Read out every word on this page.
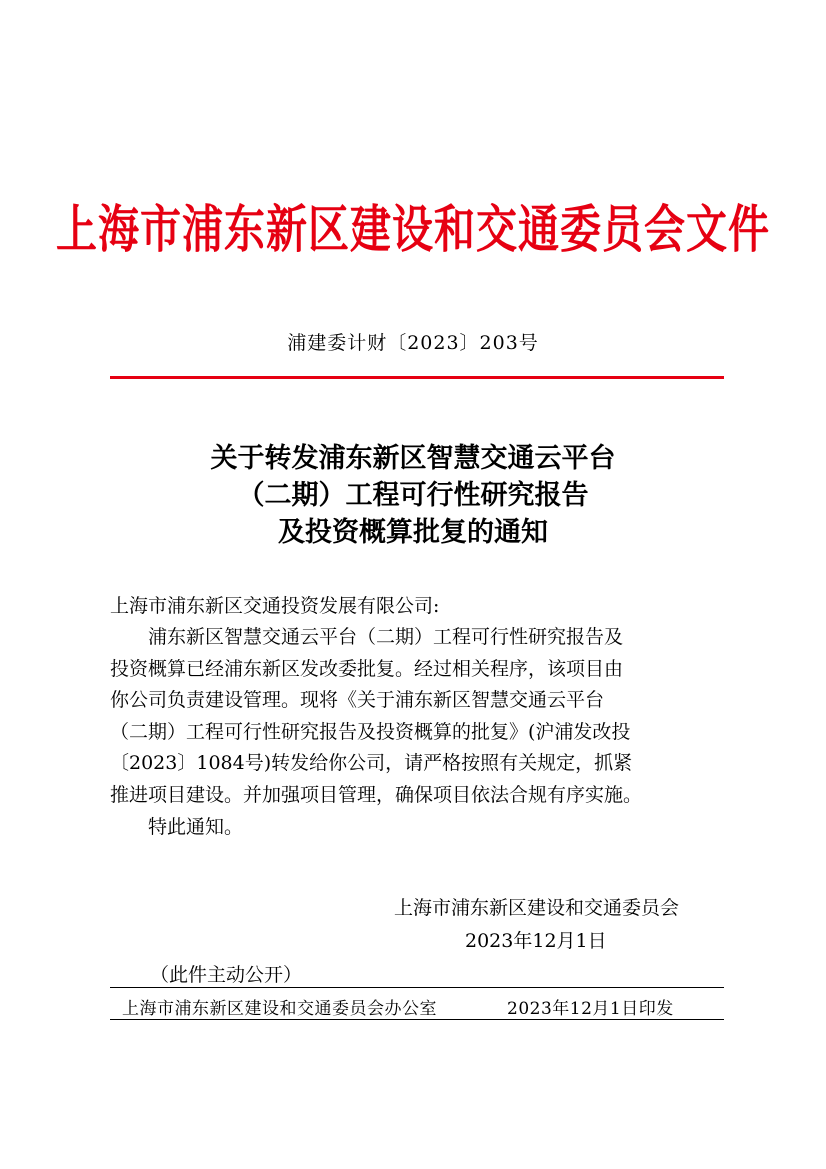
上海市浦东新区建设和交通委员会文件
浦建委计财〔2023〕203号
关于转发浦东新区智慧交通云平台
（二期）工程可行性研究报告
及投资概算批复的通知
上海市浦东新区交通投资发展有限公司:
　　浦东新区智慧交通云平台（二期）工程可行性研究报告及
投资概算已经浦东新区发改委批复。经过相关程序，该项目由
你公司负责建设管理。现将《关于浦东新区智慧交通云平台
（二期）工程可行性研究报告及投资概算的批复》(沪浦发改投
〔2023〕1084号)转发给你公司，请严格按照有关规定，抓紧
推进项目建设。并加强项目管理，确保项目依法合规有序实施。
　　特此通知。
上海市浦东新区建设和交通委员会
2023年12月1日
（此件主动公开）
上海市浦东新区建设和交通委员会办公室	2023年12月1日印发
